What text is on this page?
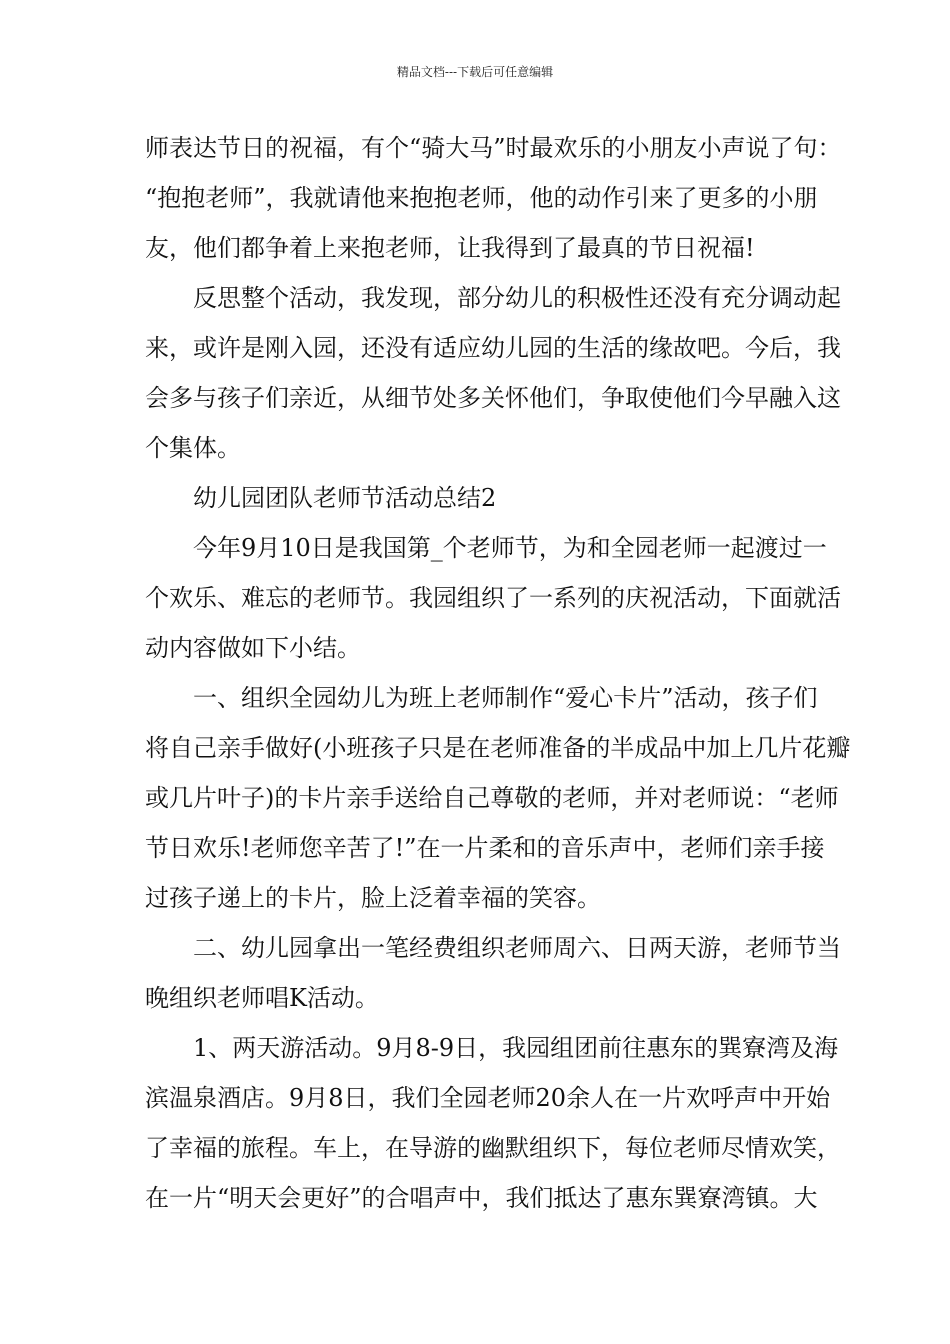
精品文档---下载后可任意编辑
师表达节日的祝福，有个“骑大马”时最欢乐的小朋友小声说了句：
“抱抱老师”，我就请他来抱抱老师，他的动作引来了更多的小朋
友，他们都争着上来抱老师，让我得到了最真的节日祝福!
反思整个活动，我发现，部分幼儿的积极性还没有充分调动起
来，或许是刚入园，还没有适应幼儿园的生活的缘故吧。今后，我
会多与孩子们亲近，从细节处多关怀他们，争取使他们今早融入这
个集体。
幼儿园团队老师节活动总结2
今年9月10日是我国第_个老师节，为和全园老师一起渡过一
个欢乐、难忘的老师节。我园组织了一系列的庆祝活动，下面就活
动内容做如下小结。
一、组织全园幼儿为班上老师制作“爱心卡片”活动，孩子们
将自己亲手做好(小班孩子只是在老师准备的半成品中加上几片花瓣
或几片叶子)的卡片亲手送给自己尊敬的老师，并对老师说：“老师
节日欢乐!老师您辛苦了!”在一片柔和的音乐声中，老师们亲手接
过孩子递上的卡片，脸上泛着幸福的笑容。
二、幼儿园拿出一笔经费组织老师周六、日两天游，老师节当
晚组织老师唱K活动。
1、两天游活动。9月8-9日，我园组团前往惠东的巽寮湾及海
滨温泉酒店。9月8日，我们全园老师20余人在一片欢呼声中开始
了幸福的旅程。车上，在导游的幽默组织下，每位老师尽情欢笑，
在一片“明天会更好”的合唱声中，我们抵达了惠东巽寮湾镇。大
